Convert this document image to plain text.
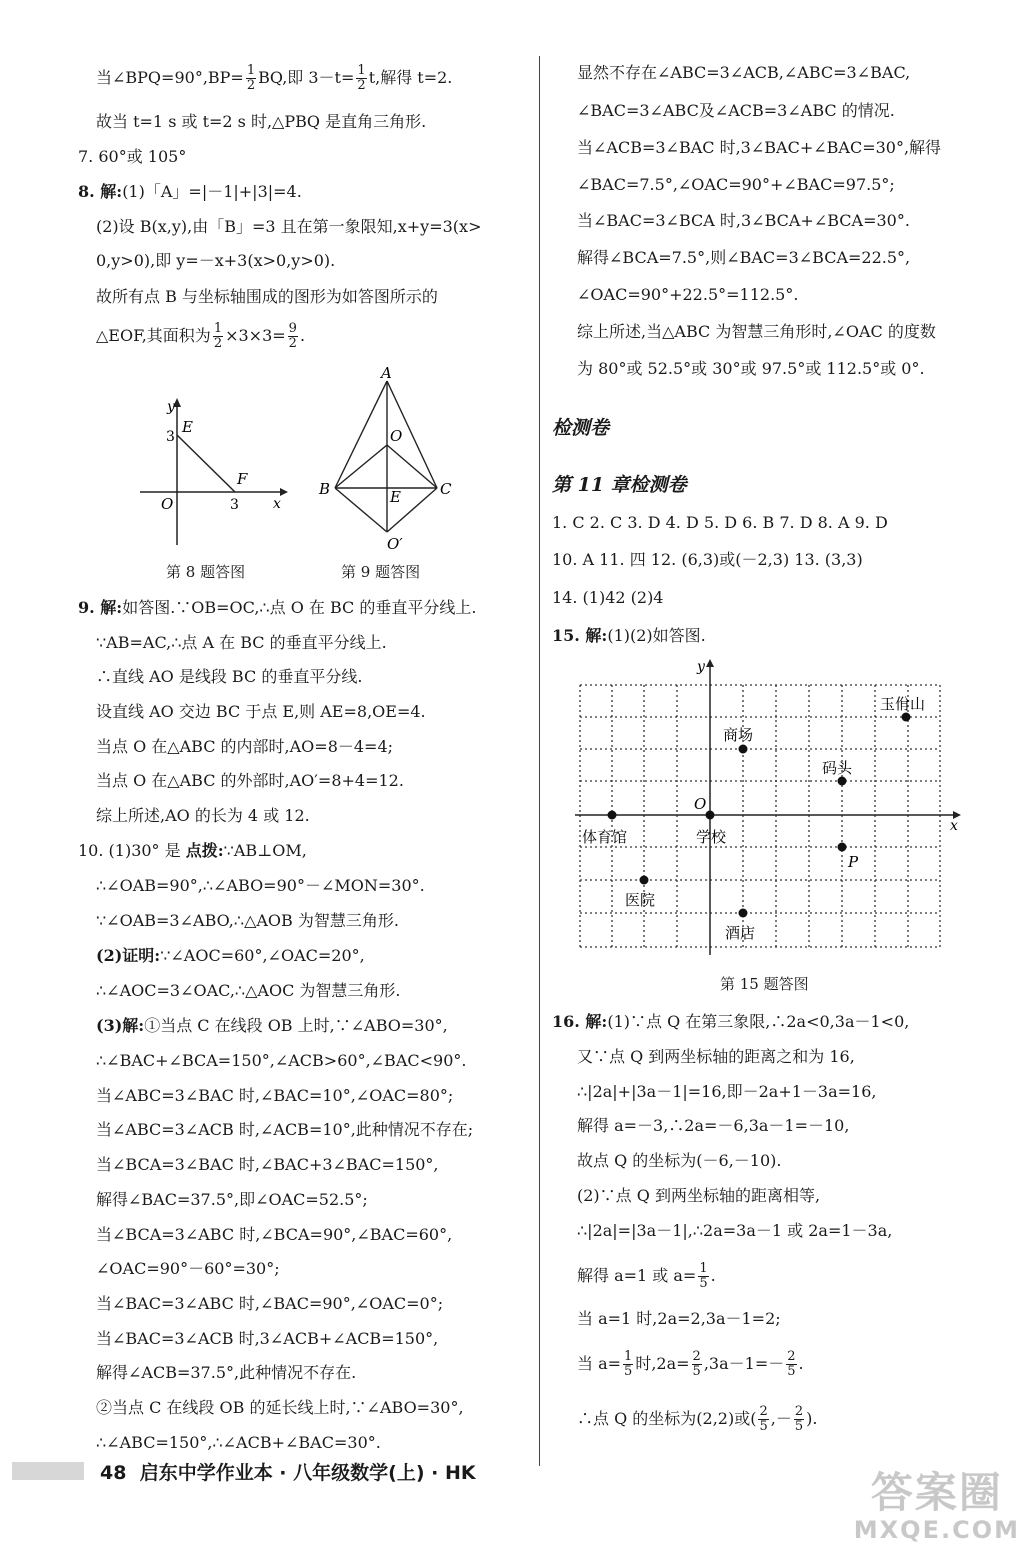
当∠BPQ=90°,BP= $\frac{1}{2}$ BQ,即 $3-t= \frac{1}{2} t$,解得 t=2.
故当 t=1 s 或 t=2 s 时,△PBQ 是直角三角形.
7. 60°或 105°
8. 解:(1)「A」=|－1|+|3|=4.
(2)设 B(x,y),由「B」=3 且在第一象限知,x+y=3(x>
0,y>0),即 y=－x+3(x>0,y>0).
故所有点 B 与坐标轴围成的图形为如答图所示的
△EOF,其面积为 $\frac{1}{2} \times 3\times 3= \frac{9}{2}$ .
y
x
E
F
O
3
3
A
B	C
O
E
O′
第 8 题答图	第 9 题答图
9. 解:如答图.∵OB=OC,∴点 O 在 BC 的垂直平分线上.
∵AB=AC,∴点 A 在 BC 的垂直平分线上.
∴直线 AO 是线段 BC 的垂直平分线.
设直线 AO 交边 BC 于点 E,则 AE=8,OE=4.
当点 O 在△ABC 的内部时,AO=8－4=4;
当点 O 在△ABC 的外部时,AO′=8+4=12.
综上所述,AO 的长为 4 或 12.
10. (1)30° 是 点拨:∵AB⊥OM,
∴∠OAB=90°,∴∠ABO=90°－∠MON=30°.
∵∠OAB=3∠ABO,∴△AOB 为智慧三角形.
(2)证明:∵∠AOC=60°,∠OAC=20°,
∴∠AOC=3∠OAC,∴△AOC 为智慧三角形.
(3)解:①当点 C 在线段 OB 上时,∵∠ABO=30°,
∴∠BAC+∠BCA=150°,∠ACB>60°,∠BAC<90°.
当∠ABC=3∠BAC 时,∠BAC=10°,∠OAC=80°;
当∠ABC=3∠ACB 时,∠ACB=10°,此种情况不存在;
当∠BCA=3∠BAC 时,∠BAC+3∠BAC=150°,
解得∠BAC=37.5°,即∠OAC=52.5°;
当∠BCA=3∠ABC 时,∠BCA=90°,∠BAC=60°,
∠OAC=90°－60°=30°;
当∠BAC=3∠ABC 时,∠BAC=90°,∠OAC=0°;
当∠BAC=3∠ACB 时,3∠ACB+∠ACB=150°,
解得∠ACB=37.5°,此种情况不存在.
②当点 C 在线段 OB 的延长线上时,∵∠ABO=30°,
∴∠ABC=150°,∴∠ACB+∠BAC=30°.
显然不存在∠ABC=3∠ACB,∠ABC=3∠BAC,
∠BAC=3∠ABC及∠ACB=3∠ABC 的情况.
当∠ACB=3∠BAC 时,3∠BAC+∠BAC=30°,解得
∠BAC=7.5°,∠OAC=90°+∠BAC=97.5°;
当∠BAC=3∠BCA 时,3∠BCA+∠BCA=30°.
解得∠BCA=7.5°,则∠BAC=3∠BCA=22.5°,
∠OAC=90°+22.5°=112.5°.
综上所述,当△ABC 为智慧三角形时,∠OAC 的度数
为 80°或 52.5°或 30°或 97.5°或 112.5°或 0°.
检测卷
第 11 章检测卷
1. C 2. C 3. D 4. D 5. D 6. B 7. D 8. A 9. D
10. A 11. 四 12. (6,3)或(－2,3) 13. (3,3)
14. (1)42 (2)4
15. 解:(1)(2)如答图.
y
x
O
玉佾山
商场
码头
体育馆	学校
P
医院
酒店
第 15 题答图
16. 解:(1)∵点 Q 在第三象限,∴2a<0,3a－1<0,
又∵点 Q 到两坐标轴的距离之和为 16,
∴|2a|+|3a－1|=16,即－2a+1－3a=16,
解得 a=－3,∴2a=－6,3a－1=－10,
故点 Q 的坐标为(－6,－10).
(2)∵点 Q 到两坐标轴的距离相等,
∴|2a|=|3a－1|,∴2a=3a－1 或 2a=1－3a,
解得 a=1 或 $a= \frac{1}{5}$ .
当 a=1 时,2a=2,3a－1=2;
当 $a= \frac{1}{5}$ 时$,2a= \frac{2}{5} ,3a-1=- \frac{2}{5}$ .
∴点 Q 的坐标为(2,2)或( $\frac{2}{5}$ ,－ $\frac{2}{5}$ ).
48 启东中学作业本 · 八年级数学(上) · HK	答案圈
MXQE.COM
